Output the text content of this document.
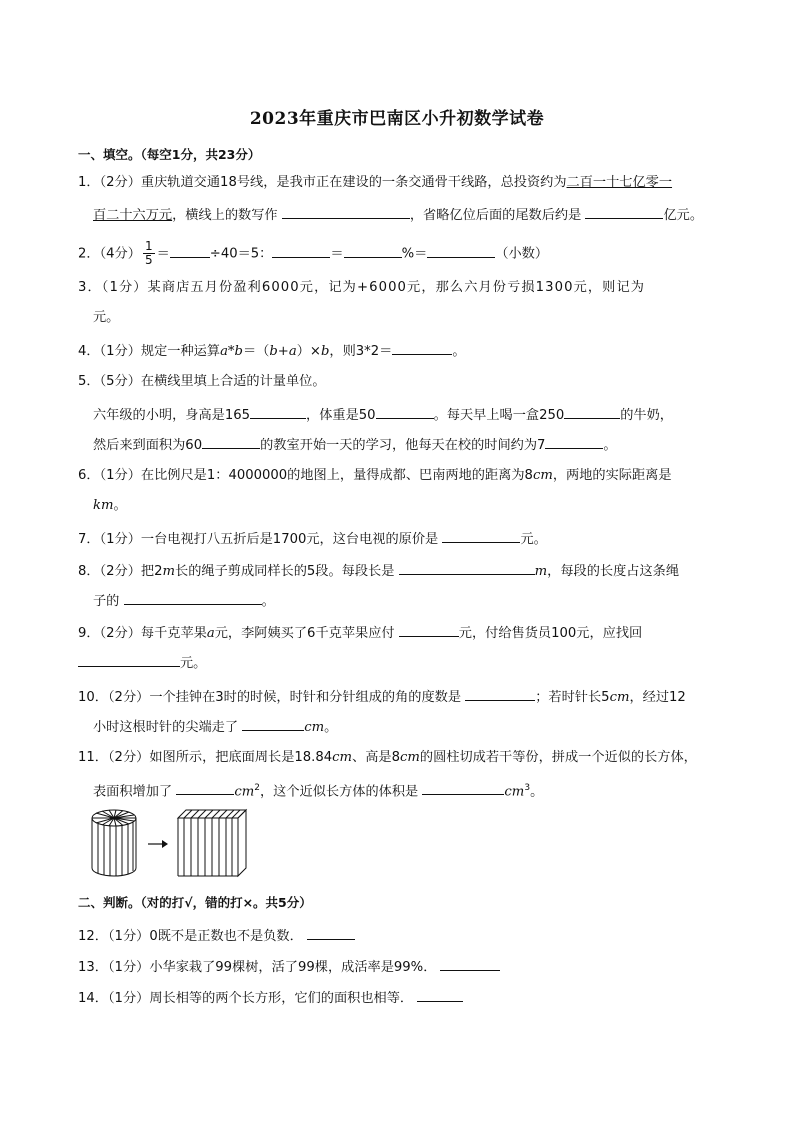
2023年重庆市巴南区小升初数学试卷
一、填空。（每空1分，共23分）
1．（2分）重庆轨道交通18号线，是我市正在建设的一条交通骨干线路，总投资约为二百一十七亿零一
百二十六万元，横线上的数写作	，省略亿位后面的尾数后约是	亿元。
2．（4分） $\frac{1}{5}$ ＝	÷40＝5：	＝	%＝	（小数）
3．（1分）某商店五月份盈利6000元，记为+6000元，那么六月份亏损1300元，则记为
元。
4．（1分）规定一种运算a*b＝（b+a）×b，则3*2＝	。
5．（5分）在横线里填上合适的计量单位。
六年级的小明，身高是165	，体重是50	。每天早上喝一盒250	的牛奶，
然后来到面积为60	的教室开始一天的学习，他每天在校的时间约为7	。
6．（1分）在比例尺是1：4000000的地图上，量得成都、巴南两地的距离为8cm，两地的实际距离是
km。
7．（1分）一台电视打八五折后是1700元，这台电视的原价是	元。
8．（2分）把2m长的绳子剪成同样长的5段。每段长是	m，每段的长度占这条绳
子的	。
9．（2分）每千克苹果a元，李阿姨买了6千克苹果应付	元，付给售货员100元，应找回
元。
10．（2分）一个挂钟在3时的时候，时针和分针组成的角的度数是	；若时针长5cm，经过12
小时这根时针的尖端走了	cm。
11．（2分）如图所示，把底面周长是18.84cm、高是8cm的圆柱切成若干等份，拼成一个近似的长方体，
表面积增加了	$cm^2$，这个近似长方体的体积是	$cm^3$。
二、判断。（对的打√，错的打×。共5分）
12．（1分）0既不是正数也不是负数．
13．（1分）小华家栽了99棵树，活了99棵，成活率是99%．
14．（1分）周长相等的两个长方形，它们的面积也相等．
